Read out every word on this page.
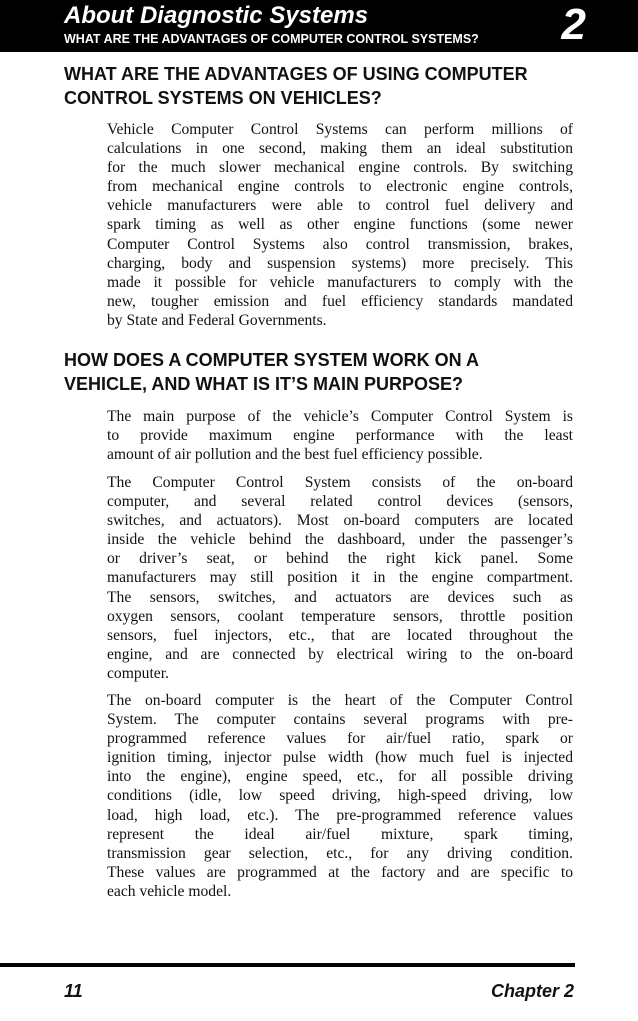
About Diagnostic Systems
WHAT ARE THE ADVANTAGES OF COMPUTER CONTROL SYSTEMS? 2
WHAT ARE THE ADVANTAGES OF USING COMPUTER
CONTROL SYSTEMS ON VEHICLES?
Vehicle Computer Control Systems can perform millions of
calculations in one second, making them an ideal substitution
for the much slower mechanical engine controls. By switching
from mechanical engine controls to electronic engine controls,
vehicle manufacturers were able to control fuel delivery and
spark timing as well as other engine functions (some newer
Computer Control Systems also control transmission, brakes,
charging, body and suspension systems) more precisely. This
made it possible for vehicle manufacturers to comply with the
new, tougher emission and fuel efficiency standards mandated
by State and Federal Governments.
HOW DOES A COMPUTER SYSTEM WORK ON A
VEHICLE, AND WHAT IS IT’S MAIN PURPOSE?
The main purpose of the vehicle’s Computer Control System is
to provide maximum engine performance with the least
amount of air pollution and the best fuel efficiency possible.
The Computer Control System consists of the on-board
computer, and several related control devices (sensors,
switches, and actuators). Most on-board computers are located
inside the vehicle behind the dashboard, under the passenger’s
or driver’s seat, or behind the right kick panel. Some
manufacturers may still position it in the engine compartment.
The sensors, switches, and actuators are devices such as
oxygen sensors, coolant temperature sensors, throttle position
sensors, fuel injectors, etc., that are located throughout the
engine, and are connected by electrical wiring to the on-board
computer.
The on-board computer is the heart of the Computer Control
System. The computer contains several programs with pre-
programmed reference values for air/fuel ratio, spark or
ignition timing, injector pulse width (how much fuel is injected
into the engine), engine speed, etc., for all possible driving
conditions (idle, low speed driving, high-speed driving, low
load, high load, etc.). The pre-programmed reference values
represent the ideal air/fuel mixture, spark timing,
transmission gear selection, etc., for any driving condition.
These values are programmed at the factory and are specific to
each vehicle model.
11	Chapter 2
